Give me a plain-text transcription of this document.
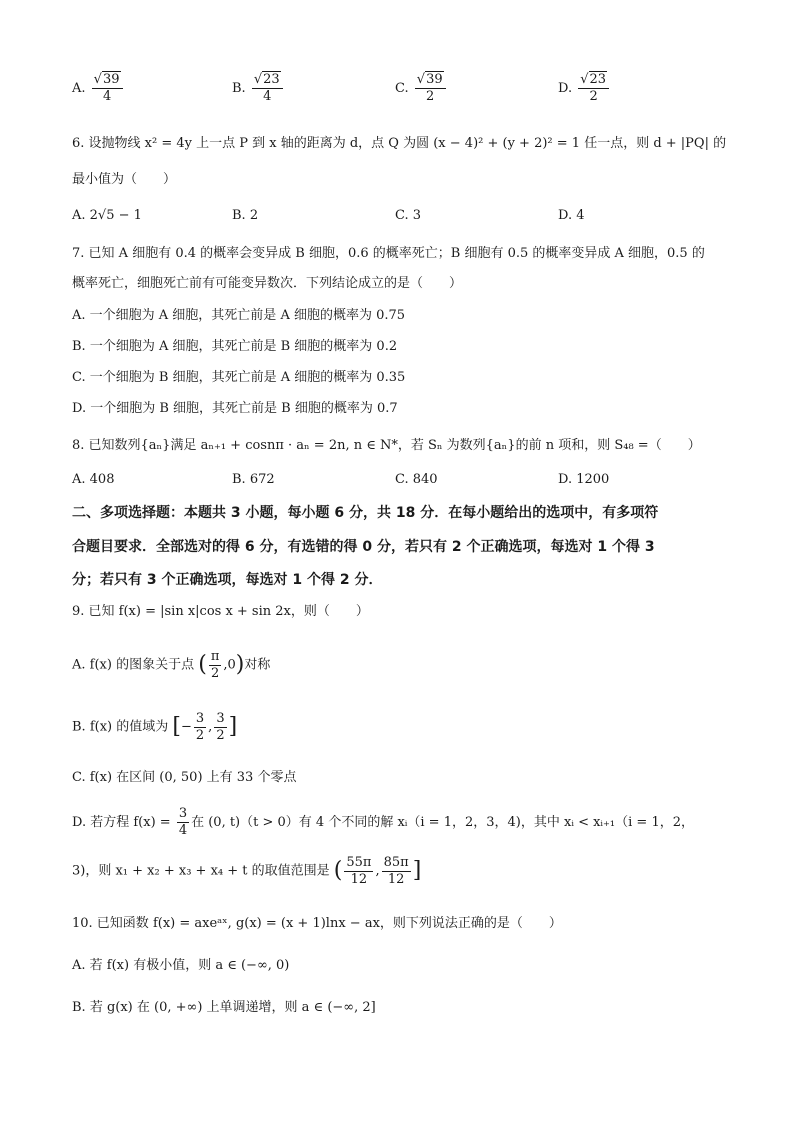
A. $\frac{√39}{4}$	B. $\frac{√23}{4}$	C. $\frac{√39}{2}$	D. $\frac{√23}{2}$
6. 设抛物线 x² = 4y 上一点 P 到 x 轴的距离为 d，点 Q 为圆 (x − 4)² + (y + 2)² = 1 任一点，则 d + |PQ| 的
最小值为（　　）
A. 2√5 − 1	B. 2	C. 3	D. 4
7. 已知 A 细胞有 0.4 的概率会变异成 B 细胞，0.6 的概率死亡；B 细胞有 0.5 的概率变异成 A 细胞，0.5 的
概率死亡，细胞死亡前有可能变异数次．下列结论成立的是（　　）
A. 一个细胞为 A 细胞，其死亡前是 A 细胞的概率为 0.75
B. 一个细胞为 A 细胞，其死亡前是 B 细胞的概率为 0.2
C. 一个细胞为 B 细胞，其死亡前是 A 细胞的概率为 0.35
D. 一个细胞为 B 细胞，其死亡前是 B 细胞的概率为 0.7
8. 已知数列{aₙ}满足 aₙ₊₁ + cosnπ · aₙ = 2n, n ∈ N*，若 Sₙ 为数列{aₙ}的前 n 项和，则 S₄₈ =（　　）
A. 408	B. 672	C. 840	D. 1200
二、多项选择题：本题共 3 小题，每小题 6 分，共 18 分．在每小题给出的选项中，有多项符
合题目要求．全部选对的得 6 分，有选错的得 0 分，若只有 2 个正确选项，每选对 1 个得 3
分；若只有 3 个正确选项，每选对 1 个得 2 分．
9. 已知 f(x) = |sin x|cos x + sin 2x，则（　　）
A. f(x) 的图象关于点 ( $\frac{\pi}{2} ,0$)对称
B. f(x) 的值域为 [− $\frac{3}{2}$ , $\frac{3}{2}$ ]
C. f(x) 在区间 (0, 50) 上有 33 个零点
D. 若方程 $f(x) = \frac{3}{4}$ 在 (0, t)（t > 0）有 4 个不同的解 xᵢ（i = 1，2，3，4)，其中 xᵢ < xᵢ₊₁（i = 1，2，
3)，则 x₁ + x₂ + x₃ + x₄ + t 的取值范围是 ( $\frac{55\pi}{12}$ , $\frac{85\pi}{12}$ ]
10. 已知函数 f(x) = axeᵃˣ, g(x) = (x + 1)lnx − ax，则下列说法正确的是（　　）
A. 若 f(x) 有极小值，则 a ∈ (−∞, 0)
B. 若 g(x) 在 (0, +∞) 上单调递增，则 a ∈ (−∞, 2]
